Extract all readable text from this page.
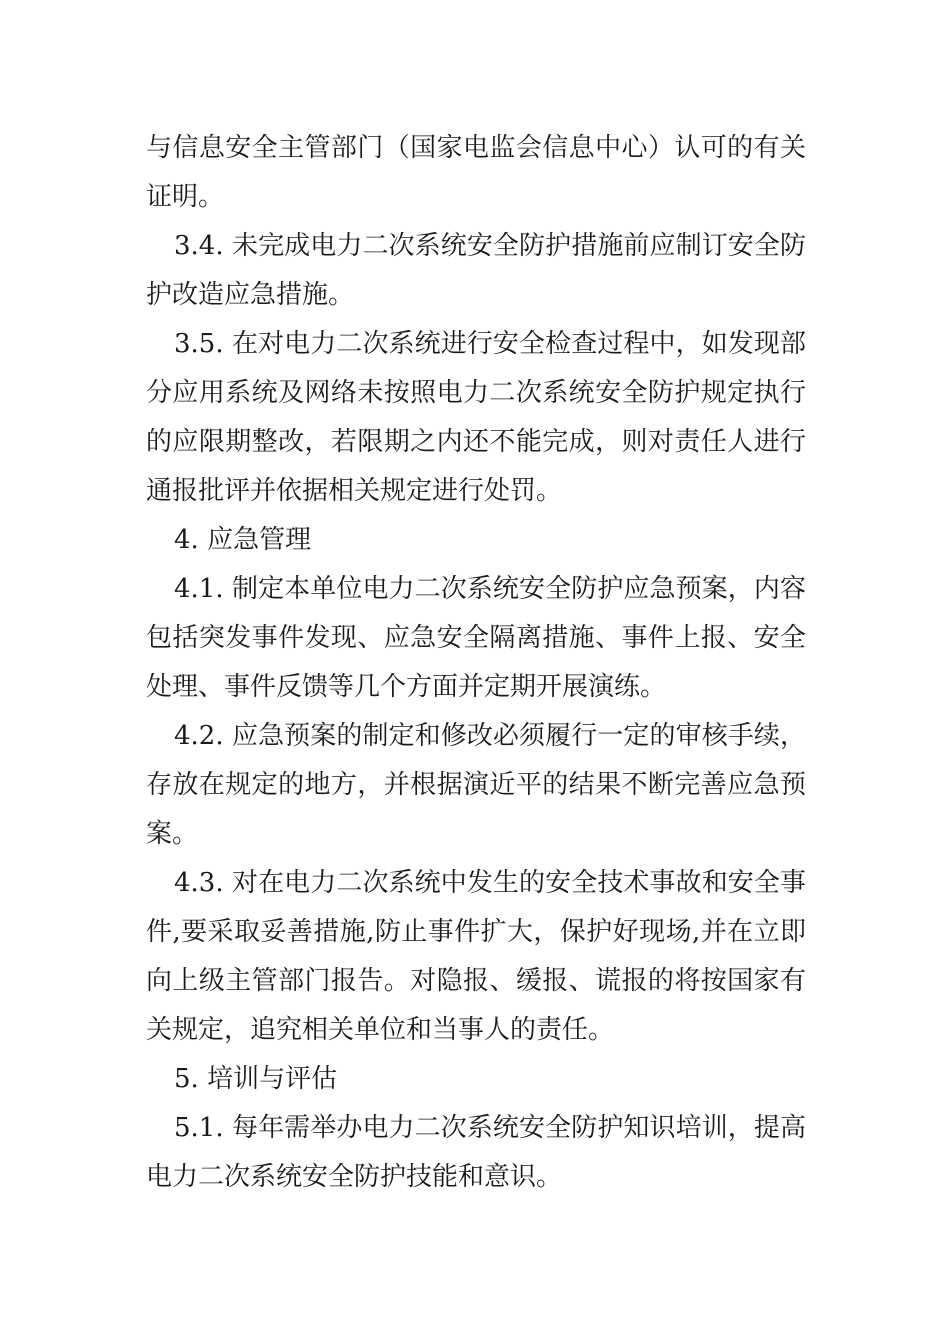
与信息安全主管部门（国家电监会信息中心）认可的有关
证明。
3.4. 未完成电力二次系统安全防护措施前应制订安全防
护改造应急措施。
3.5. 在对电力二次系统进行安全检查过程中，如发现部
分应用系统及网络未按照电力二次系统安全防护规定执行
的应限期整改，若限期之内还不能完成，则对责任人进行
通报批评并依据相关规定进行处罚。
4. 应急管理
4.1. 制定本单位电力二次系统安全防护应急预案，内容
包括突发事件发现、应急安全隔离措施、事件上报、安全
处理、事件反馈等几个方面并定期开展演练。
4.2. 应急预案的制定和修改必须履行一定的审核手续，
存放在规定的地方，并根据演近平的结果不断完善应急预
案。
4.3. 对在电力二次系统中发生的安全技术事故和安全事
件,要采取妥善措施,防止事件扩大，保护好现场,并在立即
向上级主管部门报告。对隐报、缓报、谎报的将按国家有
关规定，追究相关单位和当事人的责任。
5. 培训与评估
5.1. 每年需举办电力二次系统安全防护知识培训，提高
电力二次系统安全防护技能和意识。
